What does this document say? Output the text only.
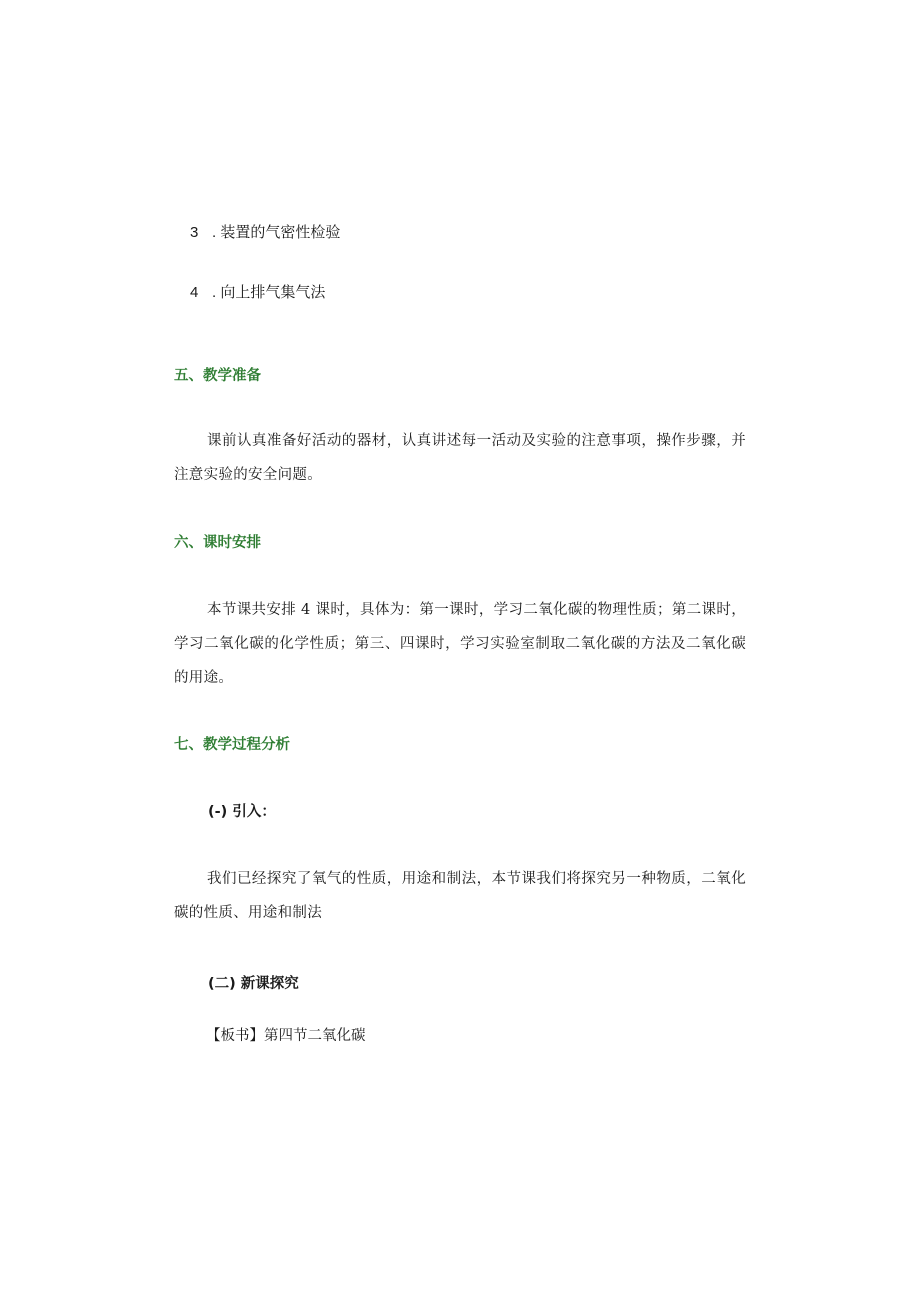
3 . 装置的气密性检验
4 . 向上排气集气法
五、教学准备
课前认真准备好活动的器材，认真讲述每一活动及实验的注意事项，操作步骤，并注意实验的安全问题。
六、课时安排
本节课共安排 4 课时，具体为：第一课时，学习二氧化碳的物理性质；第二课时，学习二氧化碳的化学性质；第三、四课时，学习实验室制取二氧化碳的方法及二氧化碳的用途。
七、教学过程分析
(-) 引入：
我们已经探究了氧气的性质，用途和制法，本节课我们将探究另一种物质，二氧化碳的性质、用途和制法
(二) 新课探究
【板书】第四节二氧化碳
